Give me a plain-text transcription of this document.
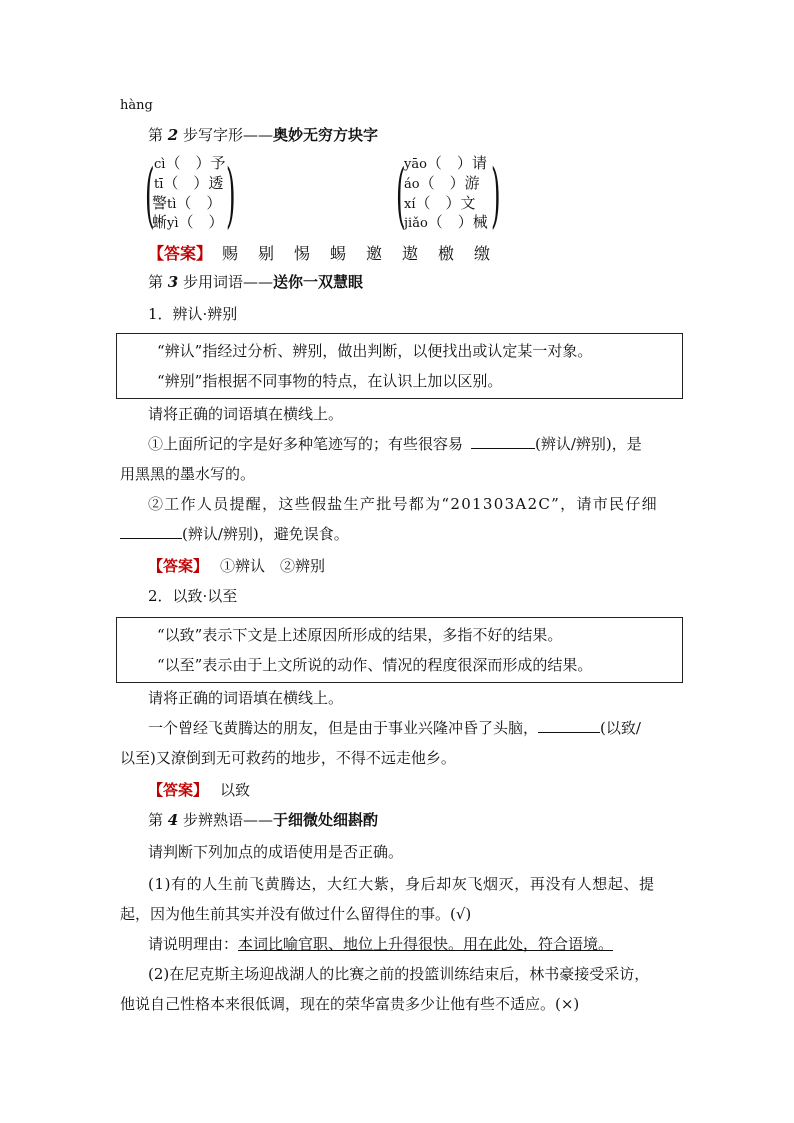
hàng
第 2 步写字形——奥妙无穷方块字
( )
cì（　）予
tī（　）透
警tì（　）
蜥yì（　） ( )
yāo（　）请
áo（　）游
xí（　）文
jiǎo（　）械
【答案】 赐　剔　惕　蜴　邀　遨　檄　缴
第 3 步用词语——送你一双慧眼
1．辨认·辨别
“辨认”指经过分析、辨别，做出判断，以便找出或认定某一对象。
“辨别”指根据不同事物的特点，在认识上加以区别。
请将正确的词语填在横线上。
①上面所记的字是好多种笔迹写的；有些很容易	(辨认/辨别)，是
用黑黑的墨水写的。
②工作人员提醒，这些假盐生产批号都为“201303A2C”，请市民仔细
(辨认/辨别)，避免误食。
【答案】 ①辨认　②辨别
2．以致·以至
“以致”表示下文是上述原因所形成的结果，多指不好的结果。
“以至”表示由于上文所说的动作、情况的程度很深而形成的结果。
请将正确的词语填在横线上。
一个曾经飞黄腾达的朋友，但是由于事业兴隆冲昏了头脑，	(以致/
以至)又潦倒到无可救药的地步，不得不远走他乡。
【答案】 以致
第 4 步辨熟语——于细微处细斟酌
请判断下列加点的成语使用是否正确。
(1)有的人生前飞黄腾达，大红大紫，身后却灰飞烟灭，再没有人想起、提
起，因为他生前其实并没有做过什么留得住的事。(√)
请说明理由：本词比喻官职、地位上升得很快。用在此处，符合语境。
(2)在尼克斯主场迎战湖人的比赛之前的投篮训练结束后，林书豪接受采访，
他说自己性格本来很低调，现在的荣华富贵多少让他有些不适应。(×)
